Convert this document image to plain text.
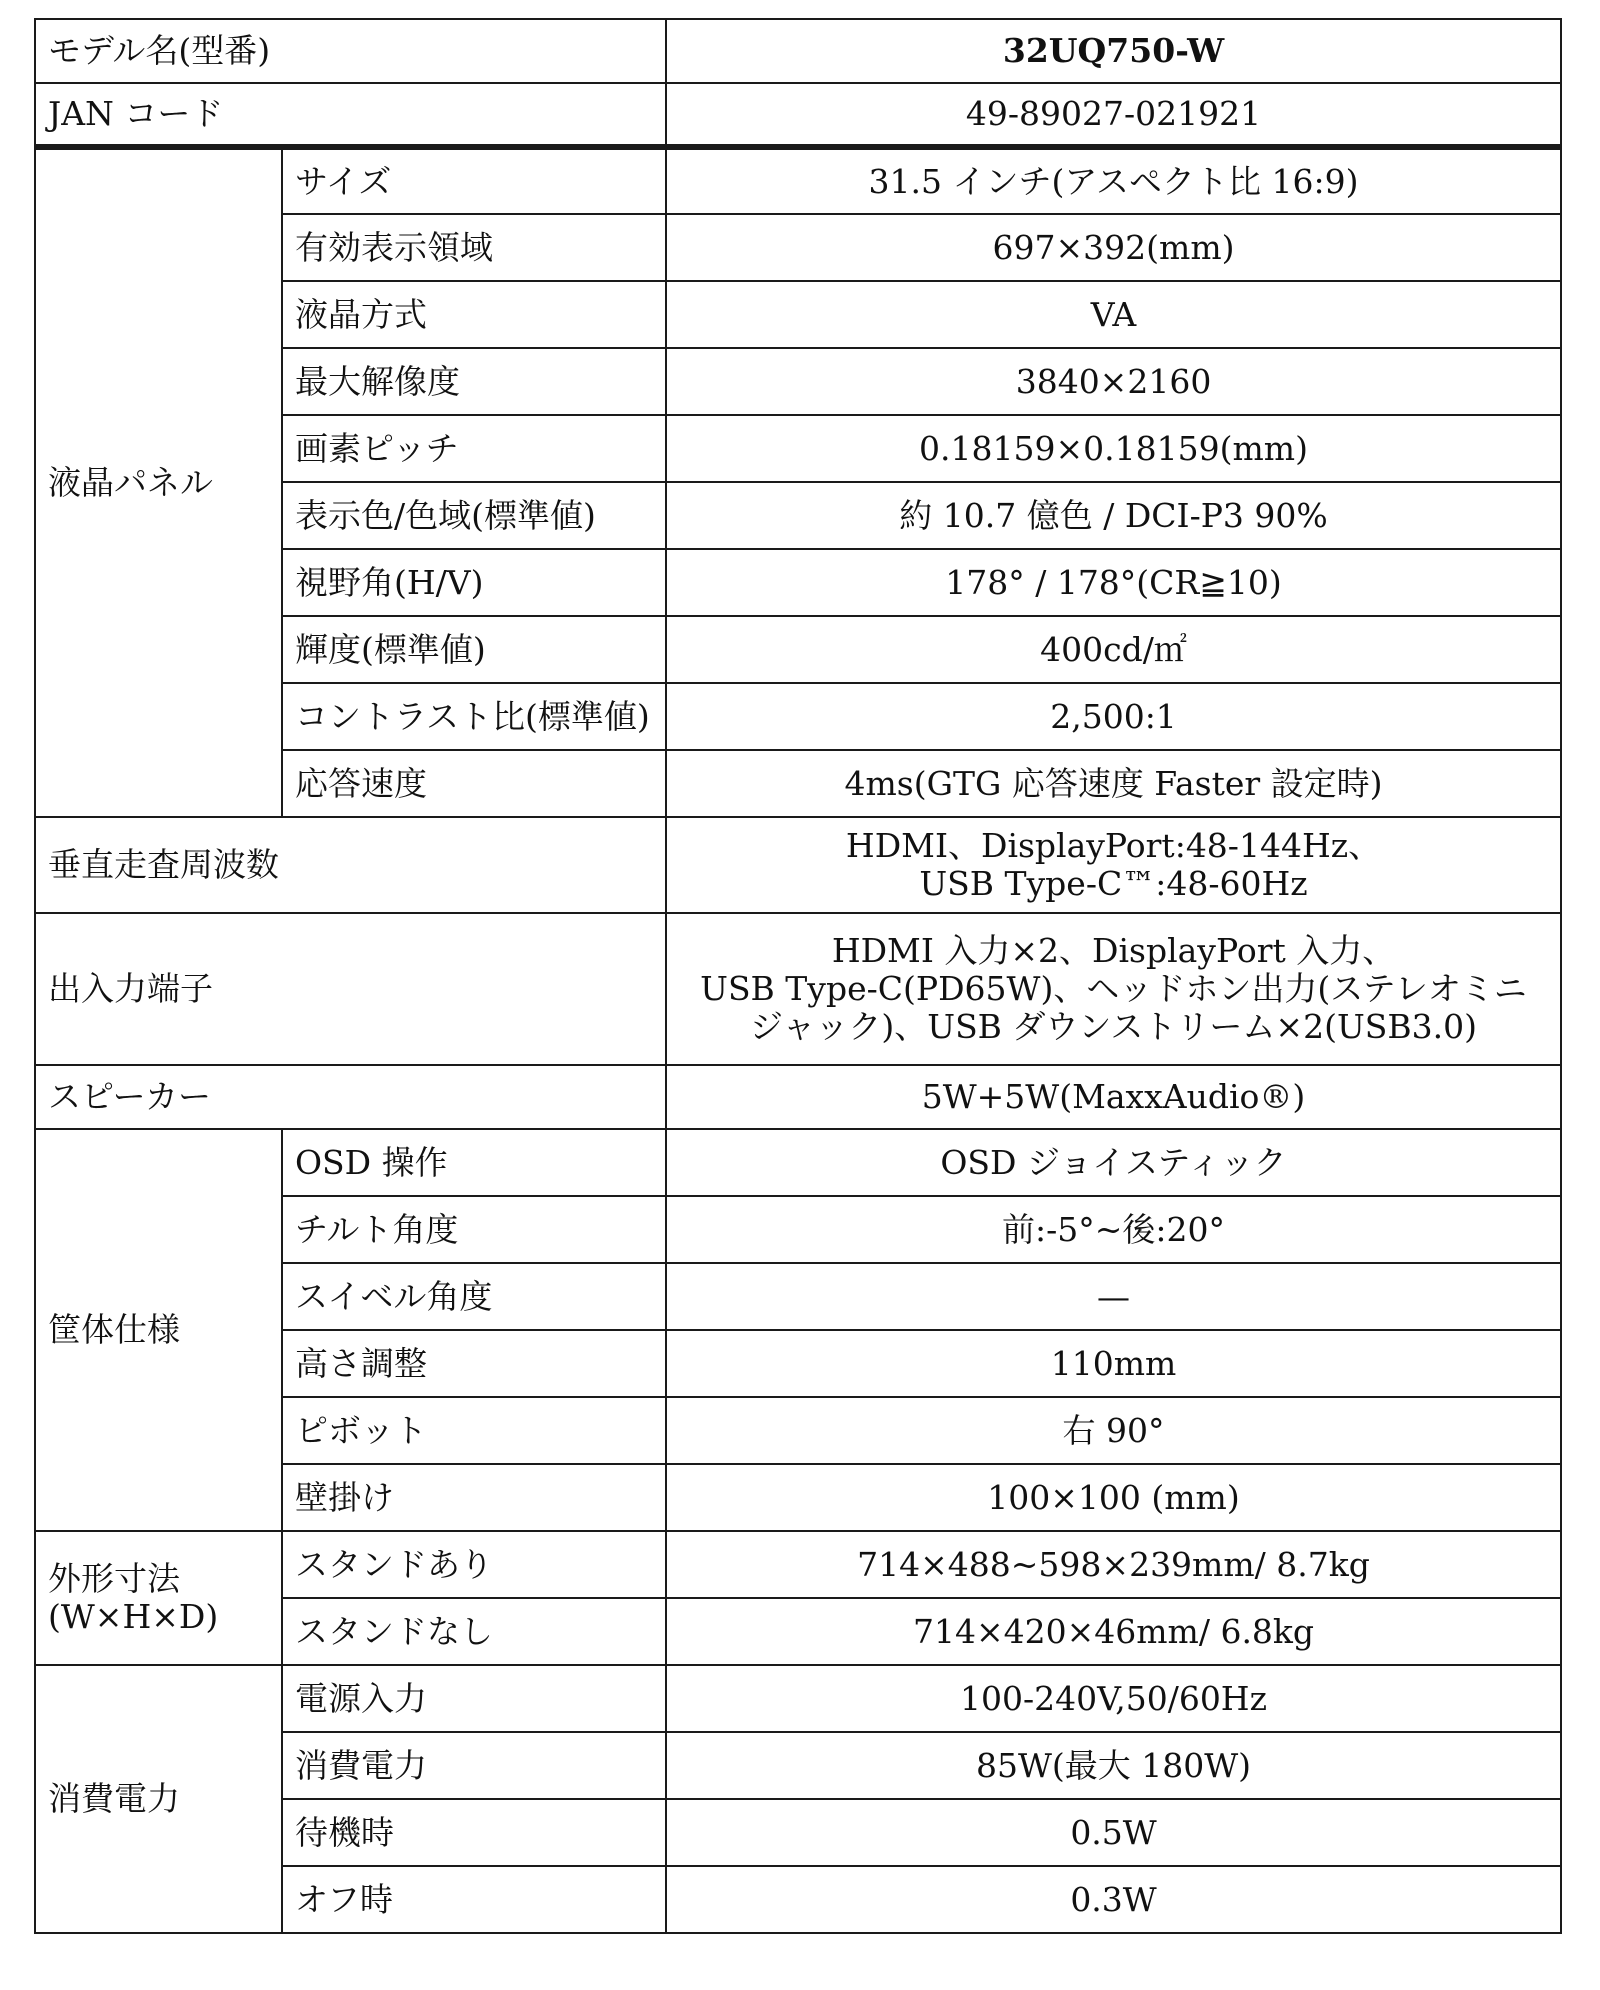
モデル名(型番)		32UQ750-W
JAN コード		49-89027-021921
液晶パネル	サイズ	31.5 インチ(アスペクト比 16:9)
	有効表示領域	697×392(mm)
	液晶方式	VA
	最大解像度	3840×2160
	画素ピッチ	0.18159×0.18159(mm)
	表示色/色域(標準値)	約 10.7 億色 / DCI-P3 90%
	視野角(H/V)	178° / 178°(CR≧10)
	輝度(標準値)	400cd/㎡
	コントラスト比(標準値)	2,500:1
	応答速度	4ms(GTG 応答速度 Faster 設定時)
垂直走査周波数		HDMI、DisplayPort:48-144Hz、
USB Type-C™:48-60Hz
出入力端子		HDMI 入力×2、DisplayPort 入力、
USB Type-C(PD65W)、ヘッドホン出力(ステレオミニ
ジャック)、USB ダウンストリーム×2(USB3.0)
スピーカー		5W+5W(MaxxAudio®)
筐体仕様	OSD 操作	OSD ジョイスティック
	チルト角度	前:-5°~後:20°
	スイベル角度	—
	高さ調整	110mm
	ピボット	右 90°
	壁掛け	100×100 (mm)
外形寸法
(W×H×D)	スタンドあり	714×488~598×239mm/ 8.7kg
	スタンドなし	714×420×46mm/ 6.8kg
消費電力	電源入力	100-240V,50/60Hz
	消費電力	85W(最大 180W)
	待機時	0.5W
	オフ時	0.3W
